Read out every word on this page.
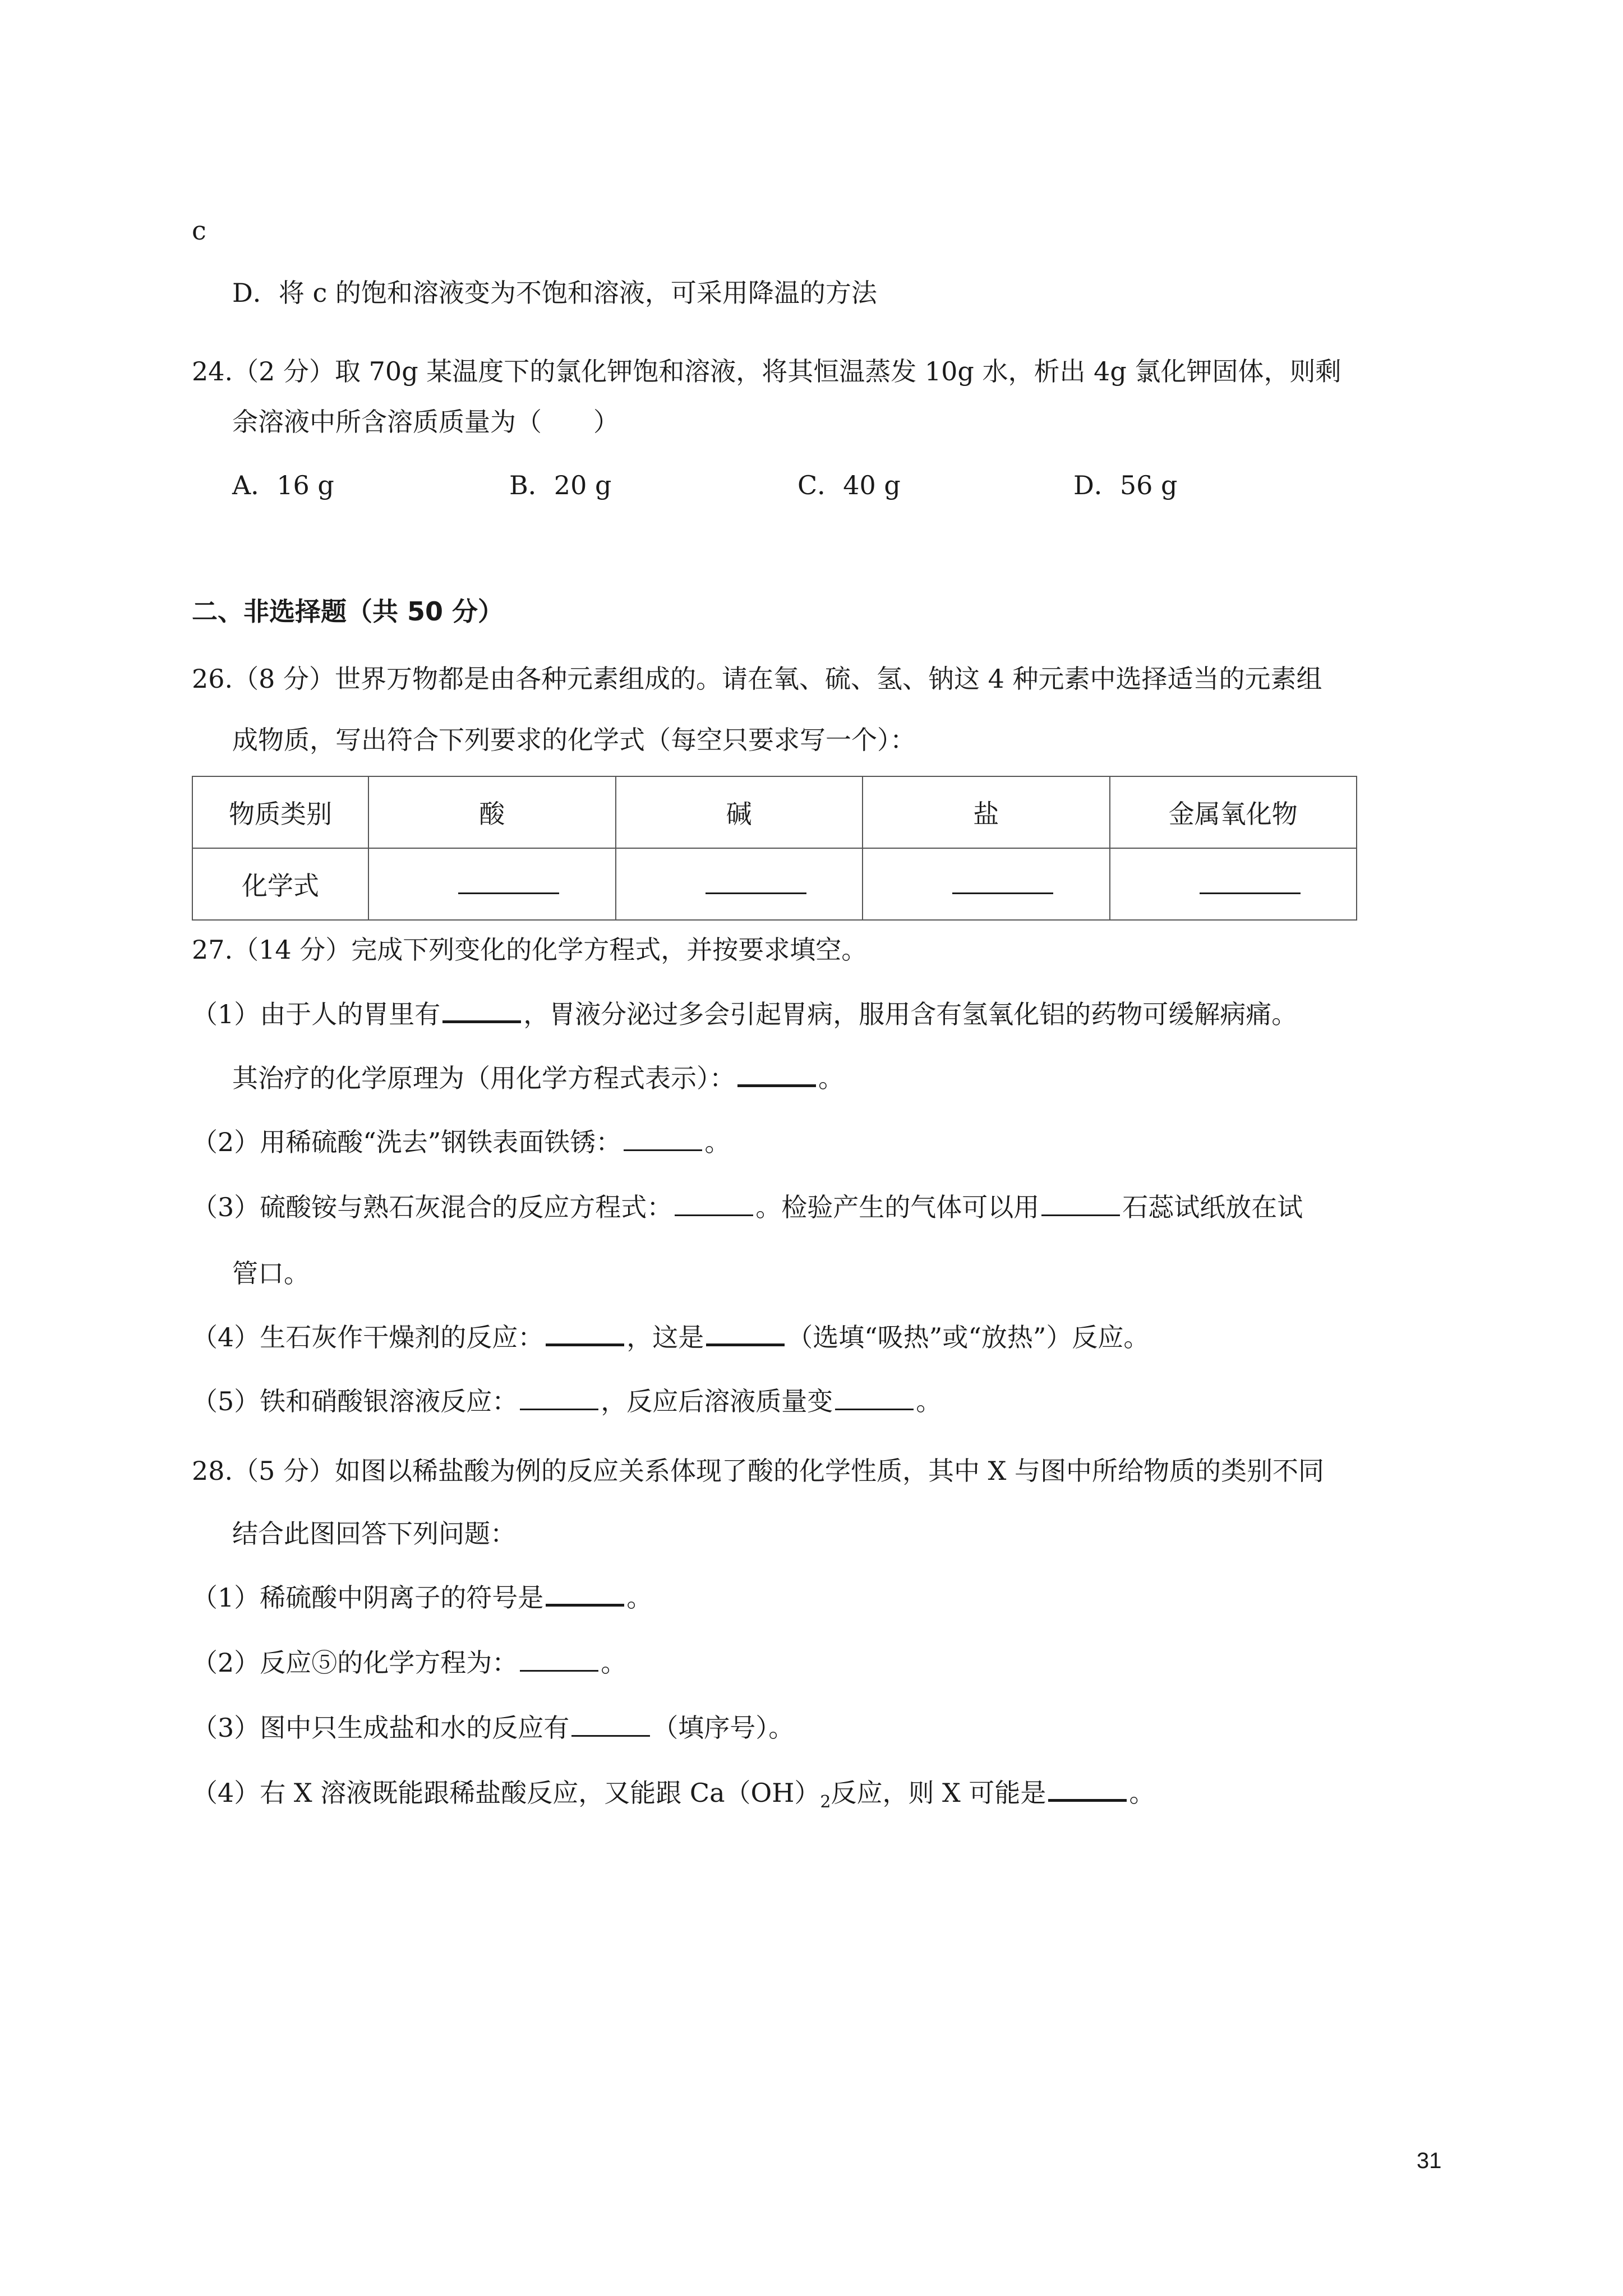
c
D．将 c 的饱和溶液变为不饱和溶液，可采用降温的方法
24.（2 分）取 70g 某温度下的氯化钾饱和溶液，将其恒温蒸发 10g 水，析出 4g 氯化钾固体，则剩
余溶液中所含溶质质量为（　　）
A．16 g	B．20 g	C．40 g	D．56 g
二、非选择题（共 50 分）
26.（8 分）世界万物都是由各种元素组成的。请在氧、硫、氢、钠这 4 种元素中选择适当的元素组
成物质，写出符合下列要求的化学式（每空只要求写一个）：
物质类别	酸	碱	盐	金属氧化物
化学式				
27.（14 分）完成下列变化的化学方程式，并按要求填空。
（1）由于人的胃里有	，胃液分泌过多会引起胃病，服用含有氢氧化铝的药物可缓解病痛。
其治疗的化学原理为（用化学方程式表示）：	。
（2）用稀硫酸“洗去”钢铁表面铁锈：	。
（3）硫酸铵与熟石灰混合的反应方程式：	。检验产生的气体可以用	石蕊试纸放在试
管口。
（4）生石灰作干燥剂的反应：	，这是	（选填“吸热”或“放热”）反应。
（5）铁和硝酸银溶液反应：	，反应后溶液质量变	。
28.（5 分）如图以稀盐酸为例的反应关系体现了酸的化学性质，其中 X 与图中所给物质的类别不同
结合此图回答下列问题：
（1）稀硫酸中阴离子的符号是	。
（2）反应⑤的化学方程为：	。
（3）图中只生成盐和水的反应有	（填序号）。
（4）右 X 溶液既能跟稀盐酸反应，又能跟 $Ca(OH)_2$反应，则 X 可能是	。
31
